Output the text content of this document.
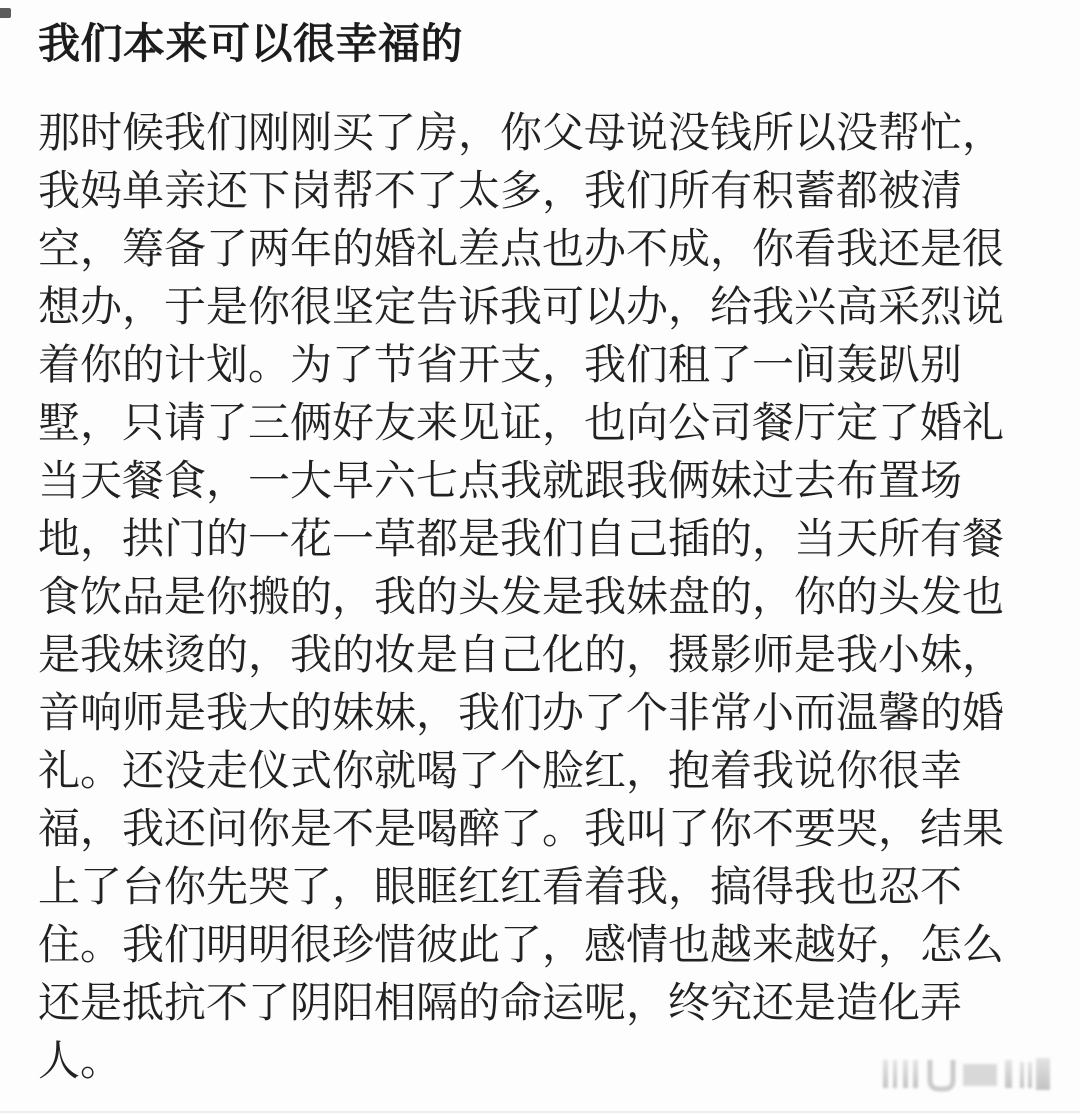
我们本来可以很幸福的
那时候我们刚刚买了房，你父母说没钱所以没帮忙，
我妈单亲还下岗帮不了太多，我们所有积蓄都被清
空，筹备了两年的婚礼差点也办不成，你看我还是很
想办，于是你很坚定告诉我可以办，给我兴高采烈说
着你的计划。为了节省开支，我们租了一间轰趴别
墅，只请了三俩好友来见证，也向公司餐厅定了婚礼
当天餐食，一大早六七点我就跟我俩妹过去布置场
地，拱门的一花一草都是我们自己插的，当天所有餐
食饮品是你搬的，我的头发是我妹盘的，你的头发也
是我妹烫的，我的妆是自己化的，摄影师是我小妹，
音响师是我大的妹妹，我们办了个非常小而温馨的婚
礼。还没走仪式你就喝了个脸红，抱着我说你很幸
福，我还问你是不是喝醉了。我叫了你不要哭，结果
上了台你先哭了，眼眶红红看着我，搞得我也忍不
住。我们明明很珍惜彼此了，感情也越来越好，怎么
还是抵抗不了阴阳相隔的命运呢，终究还是造化弄
人。
